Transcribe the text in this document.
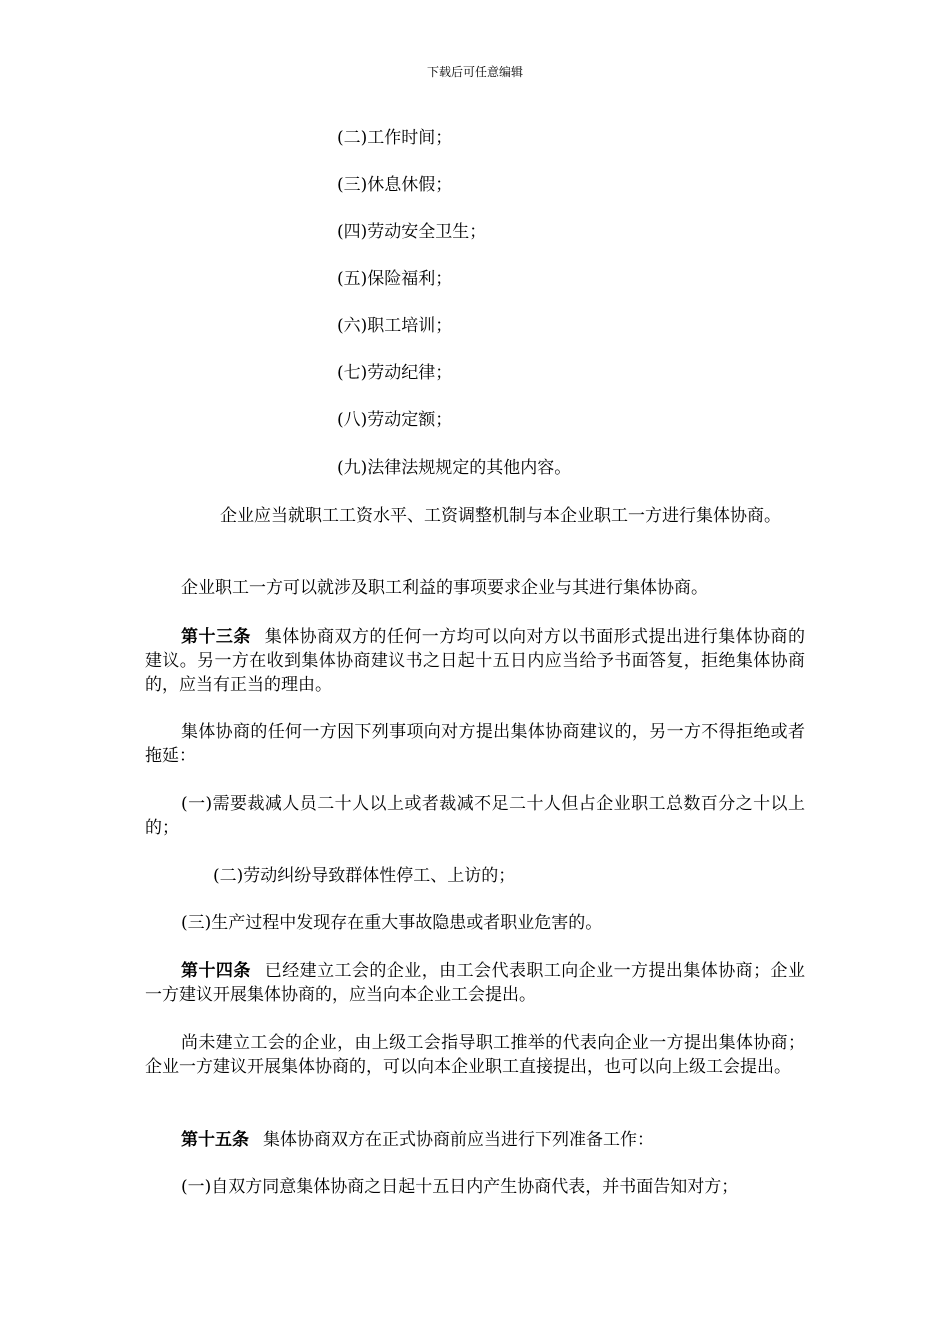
下载后可任意编辑

(二)工作时间；

(三)休息休假；

(四)劳动安全卫生；

(五)保险福利；

(六)职工培训；

(七)劳动纪律；

(八)劳动定额；

(九)法律法规规定的其他内容。

企业应当就职工工资水平、工资调整机制与本企业职工一方进行集体协商。

企业职工一方可以就涉及职工利益的事项要求企业与其进行集体协商。

第十三条 集体协商双方的任何一方均可以向对方以书面形式提出进行集体协商的建议。另一方在收到集体协商建议书之日起十五日内应当给予书面答复，拒绝集体协商的，应当有正当的理由。

集体协商的任何一方因下列事项向对方提出集体协商建议的，另一方不得拒绝或者拖延：

(一)需要裁减人员二十人以上或者裁减不足二十人但占企业职工总数百分之十以上的；

(二)劳动纠纷导致群体性停工、上访的；

(三)生产过程中发现存在重大事故隐患或者职业危害的。

第十四条 已经建立工会的企业，由工会代表职工向企业一方提出集体协商；企业一方建议开展集体协商的，应当向本企业工会提出。

尚未建立工会的企业，由上级工会指导职工推举的代表向企业一方提出集体协商；企业一方建议开展集体协商的，可以向本企业职工直接提出，也可以向上级工会提出。

第十五条 集体协商双方在正式协商前应当进行下列准备工作：

(一)自双方同意集体协商之日起十五日内产生协商代表，并书面告知对方；
